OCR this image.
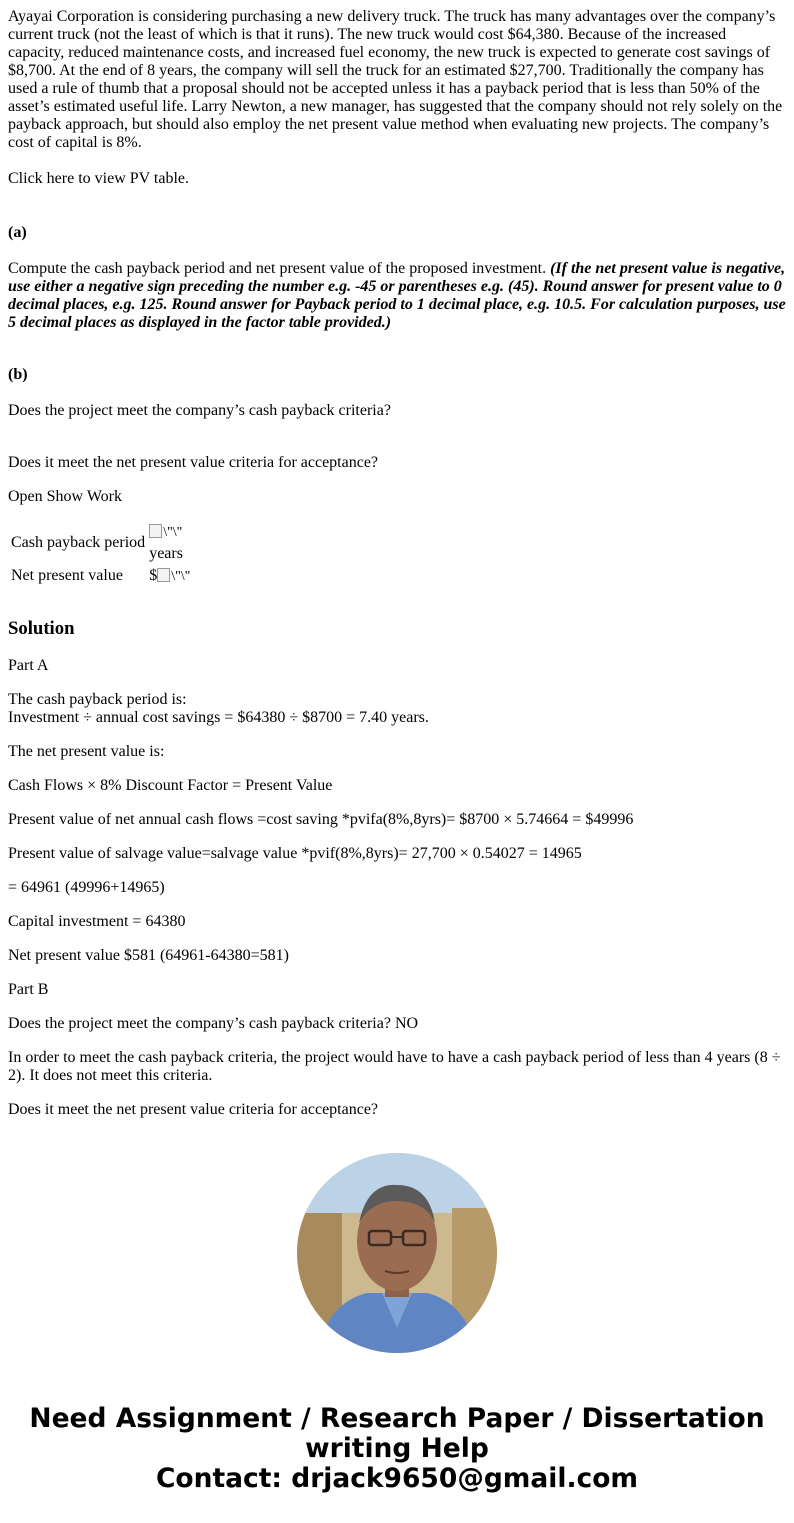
Ayayai Corporation is considering purchasing a new delivery truck. The truck has many advantages over the company’s current truck (not the least of which is that it runs). The new truck would cost $64,380. Because of the increased capacity, reduced maintenance costs, and increased fuel economy, the new truck is expected to generate cost savings of $8,700. At the end of 8 years, the company will sell the truck for an estimated $27,700. Traditionally the company has used a rule of thumb that a proposal should not be accepted unless it has a payback period that is less than 50% of the asset’s estimated useful life. Larry Newton, a new manager, has suggested that the company should not rely solely on the payback approach, but should also employ the net present value method when evaluating new projects. The company’s cost of capital is 8%.

Click here to view PV table.

(a)

Compute the cash payback period and net present value of the proposed investment. (If the net present value is negative, use either a negative sign preceding the number e.g. -45 or parentheses e.g. (45). Round answer for present value to 0 decimal places, e.g. 125. Round answer for Payback period to 1 decimal place, e.g. 10.5. For calculation purposes, use 5 decimal places as displayed in the factor table provided.)

(b)

Does the project meet the company’s cash payback criteria?

Does it meet the net present value criteria for acceptance?

Open Show Work

Cash payback period	\"\"
years

Net present value	$ \"\"
Solution

Part A

The cash payback period is:
Investment ÷ annual cost savings = $64380 ÷ $8700 = 7.40 years.

The net present value is:

Cash Flows × 8% Discount Factor = Present Value

Present value of net annual cash flows =cost saving *pvifa(8%,8yrs)= $8700 × 5.74664 = $49996

Present value of salvage value=salvage value *pvif(8%,8yrs)= 27,700 × 0.54027 = 14965

= 64961 (49996+14965)

Capital investment = 64380

Net present value $581 (64961-64380=581)

Part B

Does the project meet the company’s cash payback criteria? NO

In order to meet the cash payback criteria, the project would have to have a cash payback period of less than 4 years (8 ÷ 2). It does not meet this criteria.

Does it meet the net present value criteria for acceptance?

Need Assignment / Research Paper / Dissertation
writing Help
Contact: drjack9650@gmail.com
